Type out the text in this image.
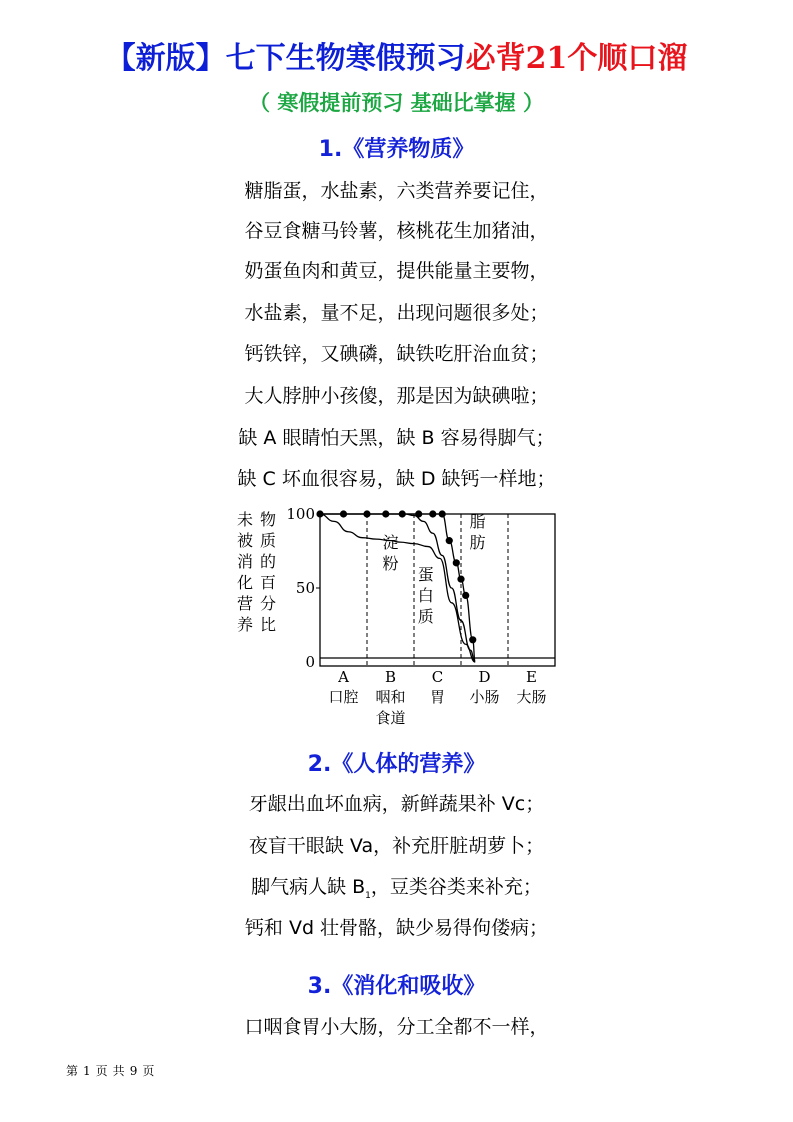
【新版】七下生物寒假预习必背21个顺口溜
（ 寒假提前预习 基础比掌握 ）
1.《营养物质》
糖脂蛋，水盐素，六类营养要记住，
谷豆食糖马铃薯，核桃花生加猪油，
奶蛋鱼肉和黄豆，提供能量主要物，
水盐素，量不足，出现问题很多处；
钙铁锌，又碘磷，缺铁吃肝治血贫；
大人脖肿小孩傻，那是因为缺碘啦；
缺 A 眼睛怕天黑，缺 B 容易得脚气；
缺 C 坏血很容易，缺 D 缺钙一样地；
未
被
消
化
营
养
物
质
的
百
分
比
100
50
0
A
口腔
B
咽和
食道
C
胃
D
小肠
E
大肠
淀
粉
蛋
白
质
脂
肪
2.《人体的营养》
牙龈出血坏血病，新鲜蔬果补 Vc；
夜盲干眼缺 Va，补充肝脏胡萝卜；
脚气病人缺 $B_1$，豆类谷类来补充；
钙和 Vd 壮骨骼，缺少易得佝偻病；
3.《消化和吸收》
口咽食胃小大肠，分工全都不一样，
第 1 页 共 9 页
